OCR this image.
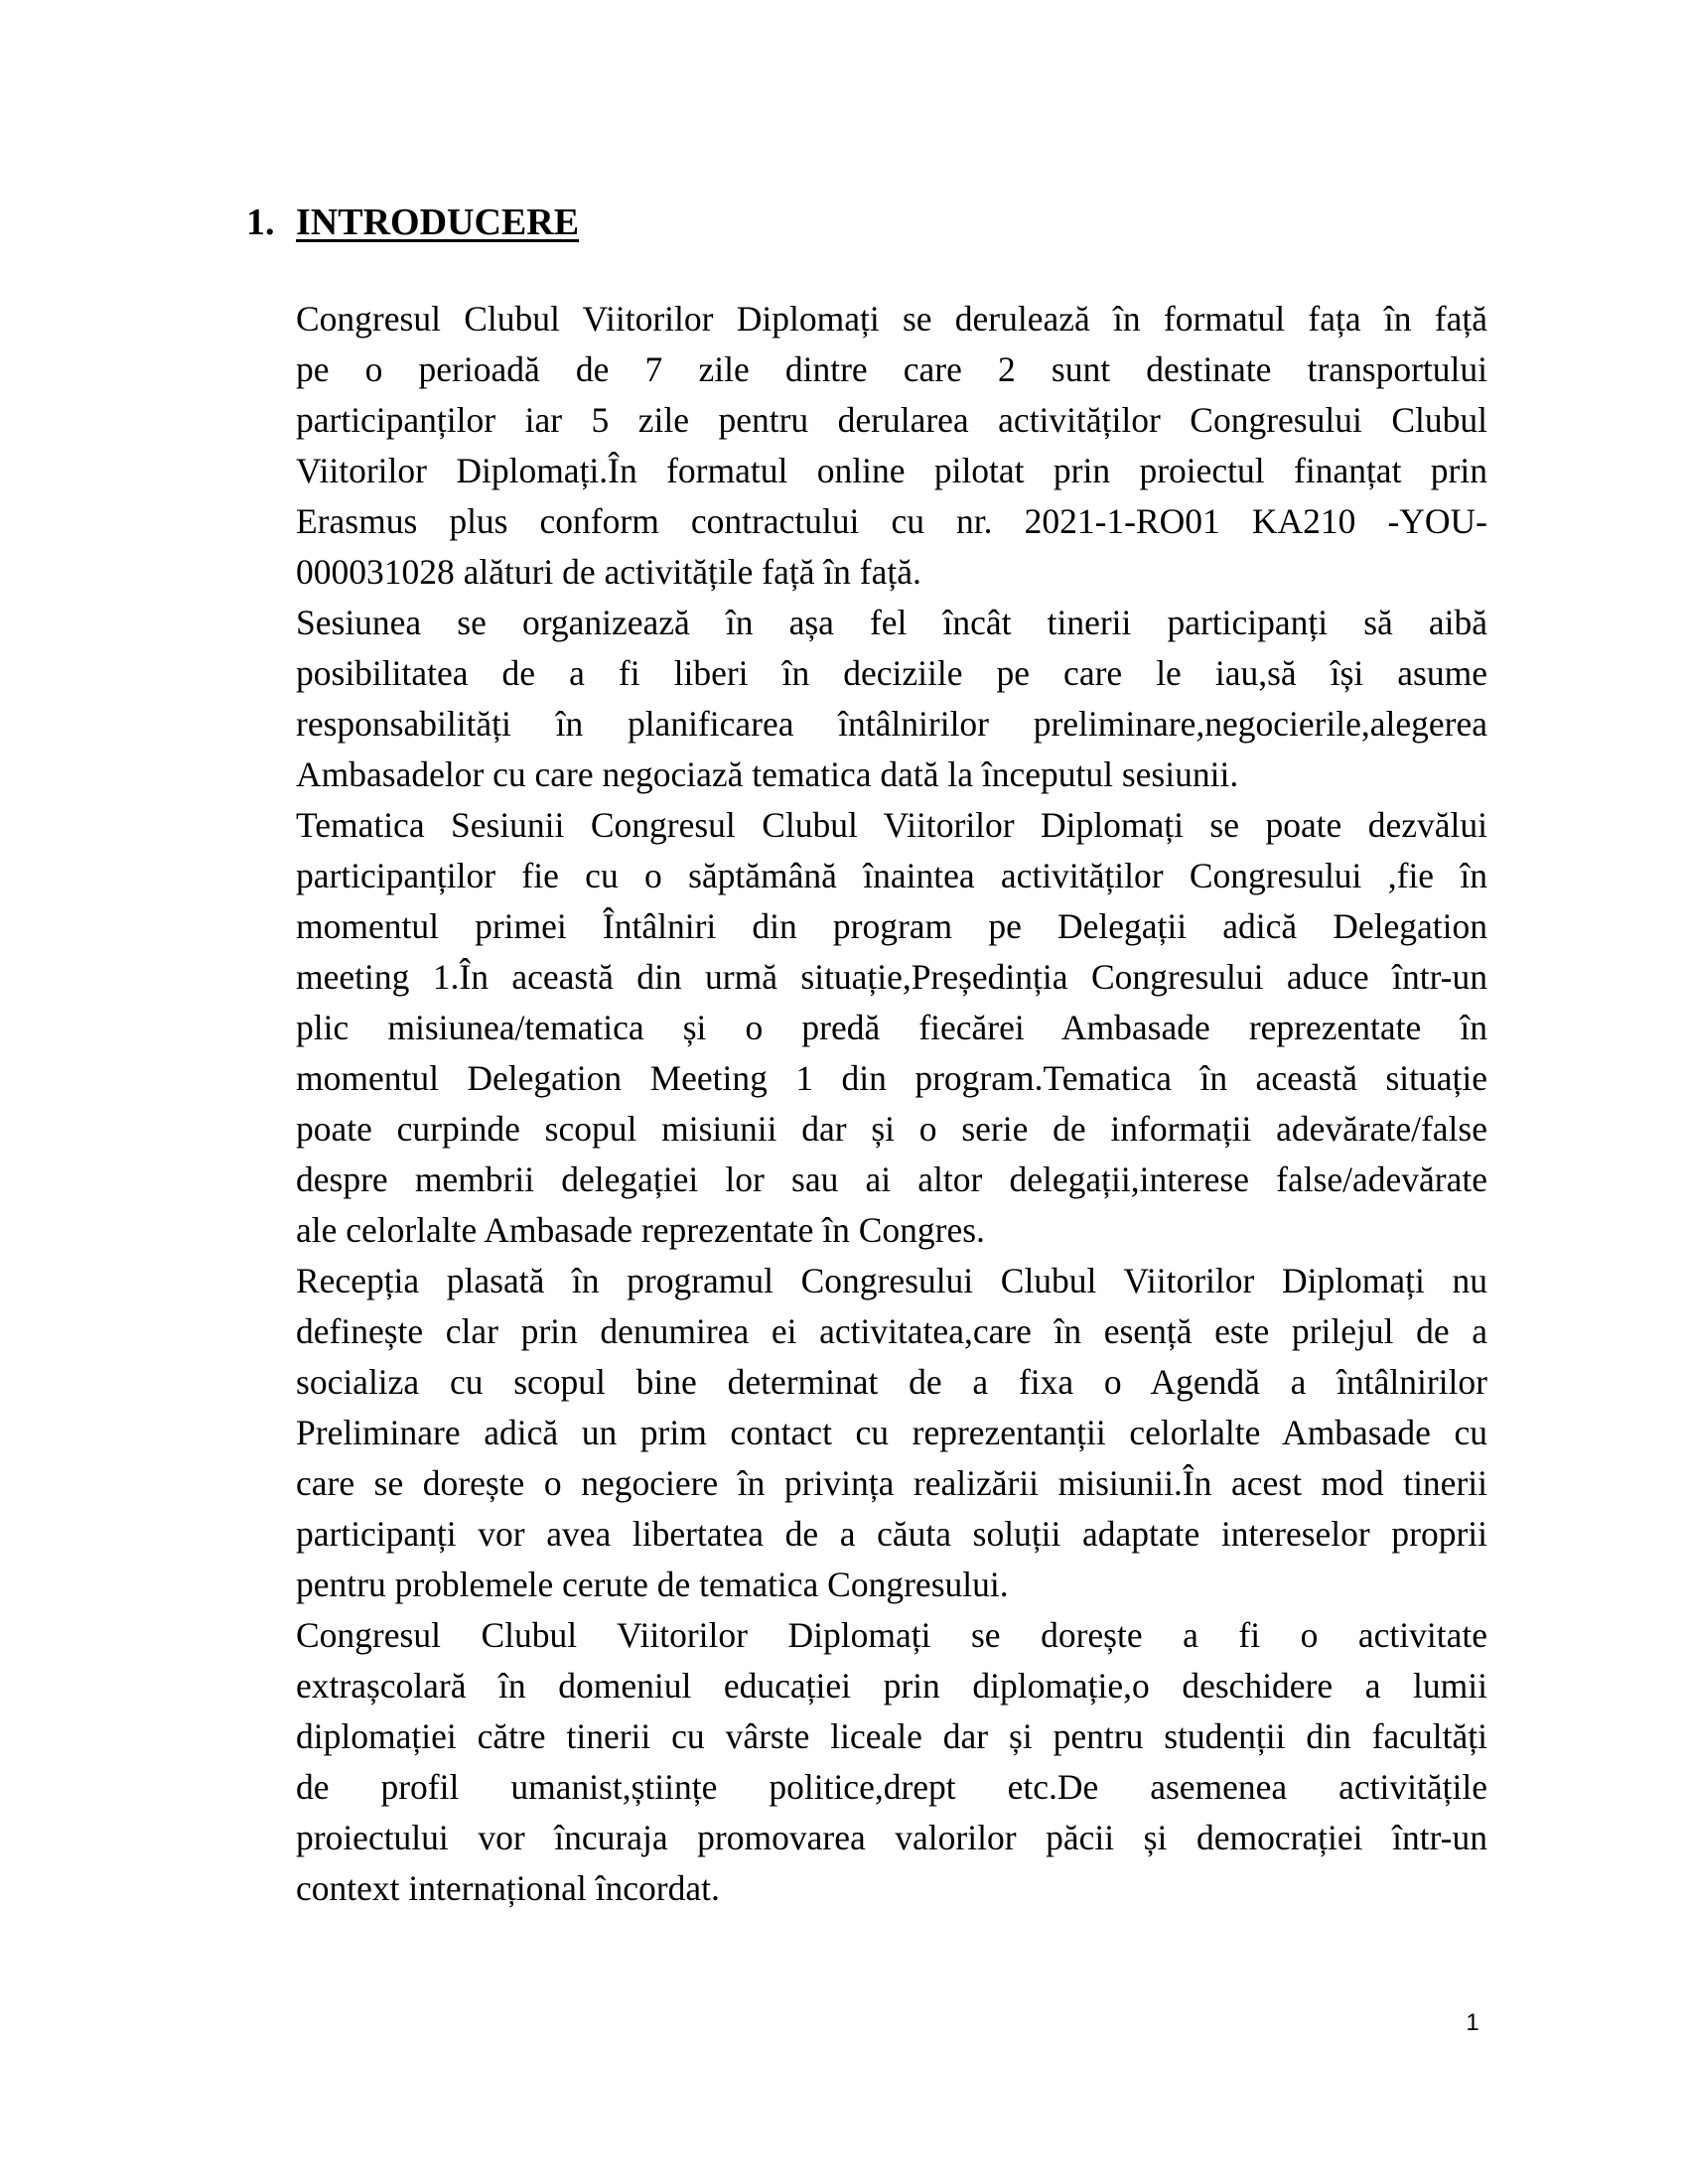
1. INTRODUCERE

Congresul Clubul Viitorilor Diplomați se derulează în formatul fața în față
pe o perioadă de 7 zile dintre care 2 sunt destinate transportului
participanților iar 5 zile pentru derularea activităților Congresului Clubul
Viitorilor Diplomați.În formatul online pilotat prin proiectul finanțat prin
Erasmus plus conform contractului cu nr. 2021-1-RO01 KA210 -YOU-
000031028 alături de activitățile față în față.

Sesiunea se organizează în așa fel încât tinerii participanți să aibă
posibilitatea de a fi liberi în deciziile pe care le iau,să își asume
responsabilități în planificarea întâlnirilor preliminare,negocierile,alegerea
Ambasadelor cu care negociază tematica dată la începutul sesiunii.

Tematica Sesiunii Congresul Clubul Viitorilor Diplomați se poate dezvălui
participanților fie cu o săptămână înaintea activităților Congresului ,fie în
momentul primei Întâlniri din program pe Delegații adică Delegation
meeting 1.În această din urmă situație,Președinția Congresului aduce într-un
plic misiunea/tematica și o predă fiecărei Ambasade reprezentate în
momentul Delegation Meeting 1 din program.Tematica în această situație
poate curpinde scopul misiunii dar și o serie de informații adevărate/false
despre membrii delegației lor sau ai altor delegații,interese false/adevărate
ale celorlalte Ambasade reprezentate în Congres.

Recepția plasată în programul Congresului Clubul Viitorilor Diplomați nu
definește clar prin denumirea ei activitatea,care în esență este prilejul de a
socializa cu scopul bine determinat de a fixa o Agendă a întâlnirilor
Preliminare adică un prim contact cu reprezentanții celorlalte Ambasade cu
care se dorește o negociere în privința realizării misiunii.În acest mod tinerii
participanți vor avea libertatea de a căuta soluții adaptate intereselor proprii
pentru problemele cerute de tematica Congresului.

Congresul Clubul Viitorilor Diplomați se dorește a fi o activitate
extrașcolară în domeniul educației prin diplomație,o deschidere a lumii
diplomației către tinerii cu vârste liceale dar și pentru studenții din facultăți
de profil umanist,științe politice,drept etc.De asemenea activitățile
proiectului vor încuraja promovarea valorilor păcii și democrației într-un
context internațional încordat.

1
